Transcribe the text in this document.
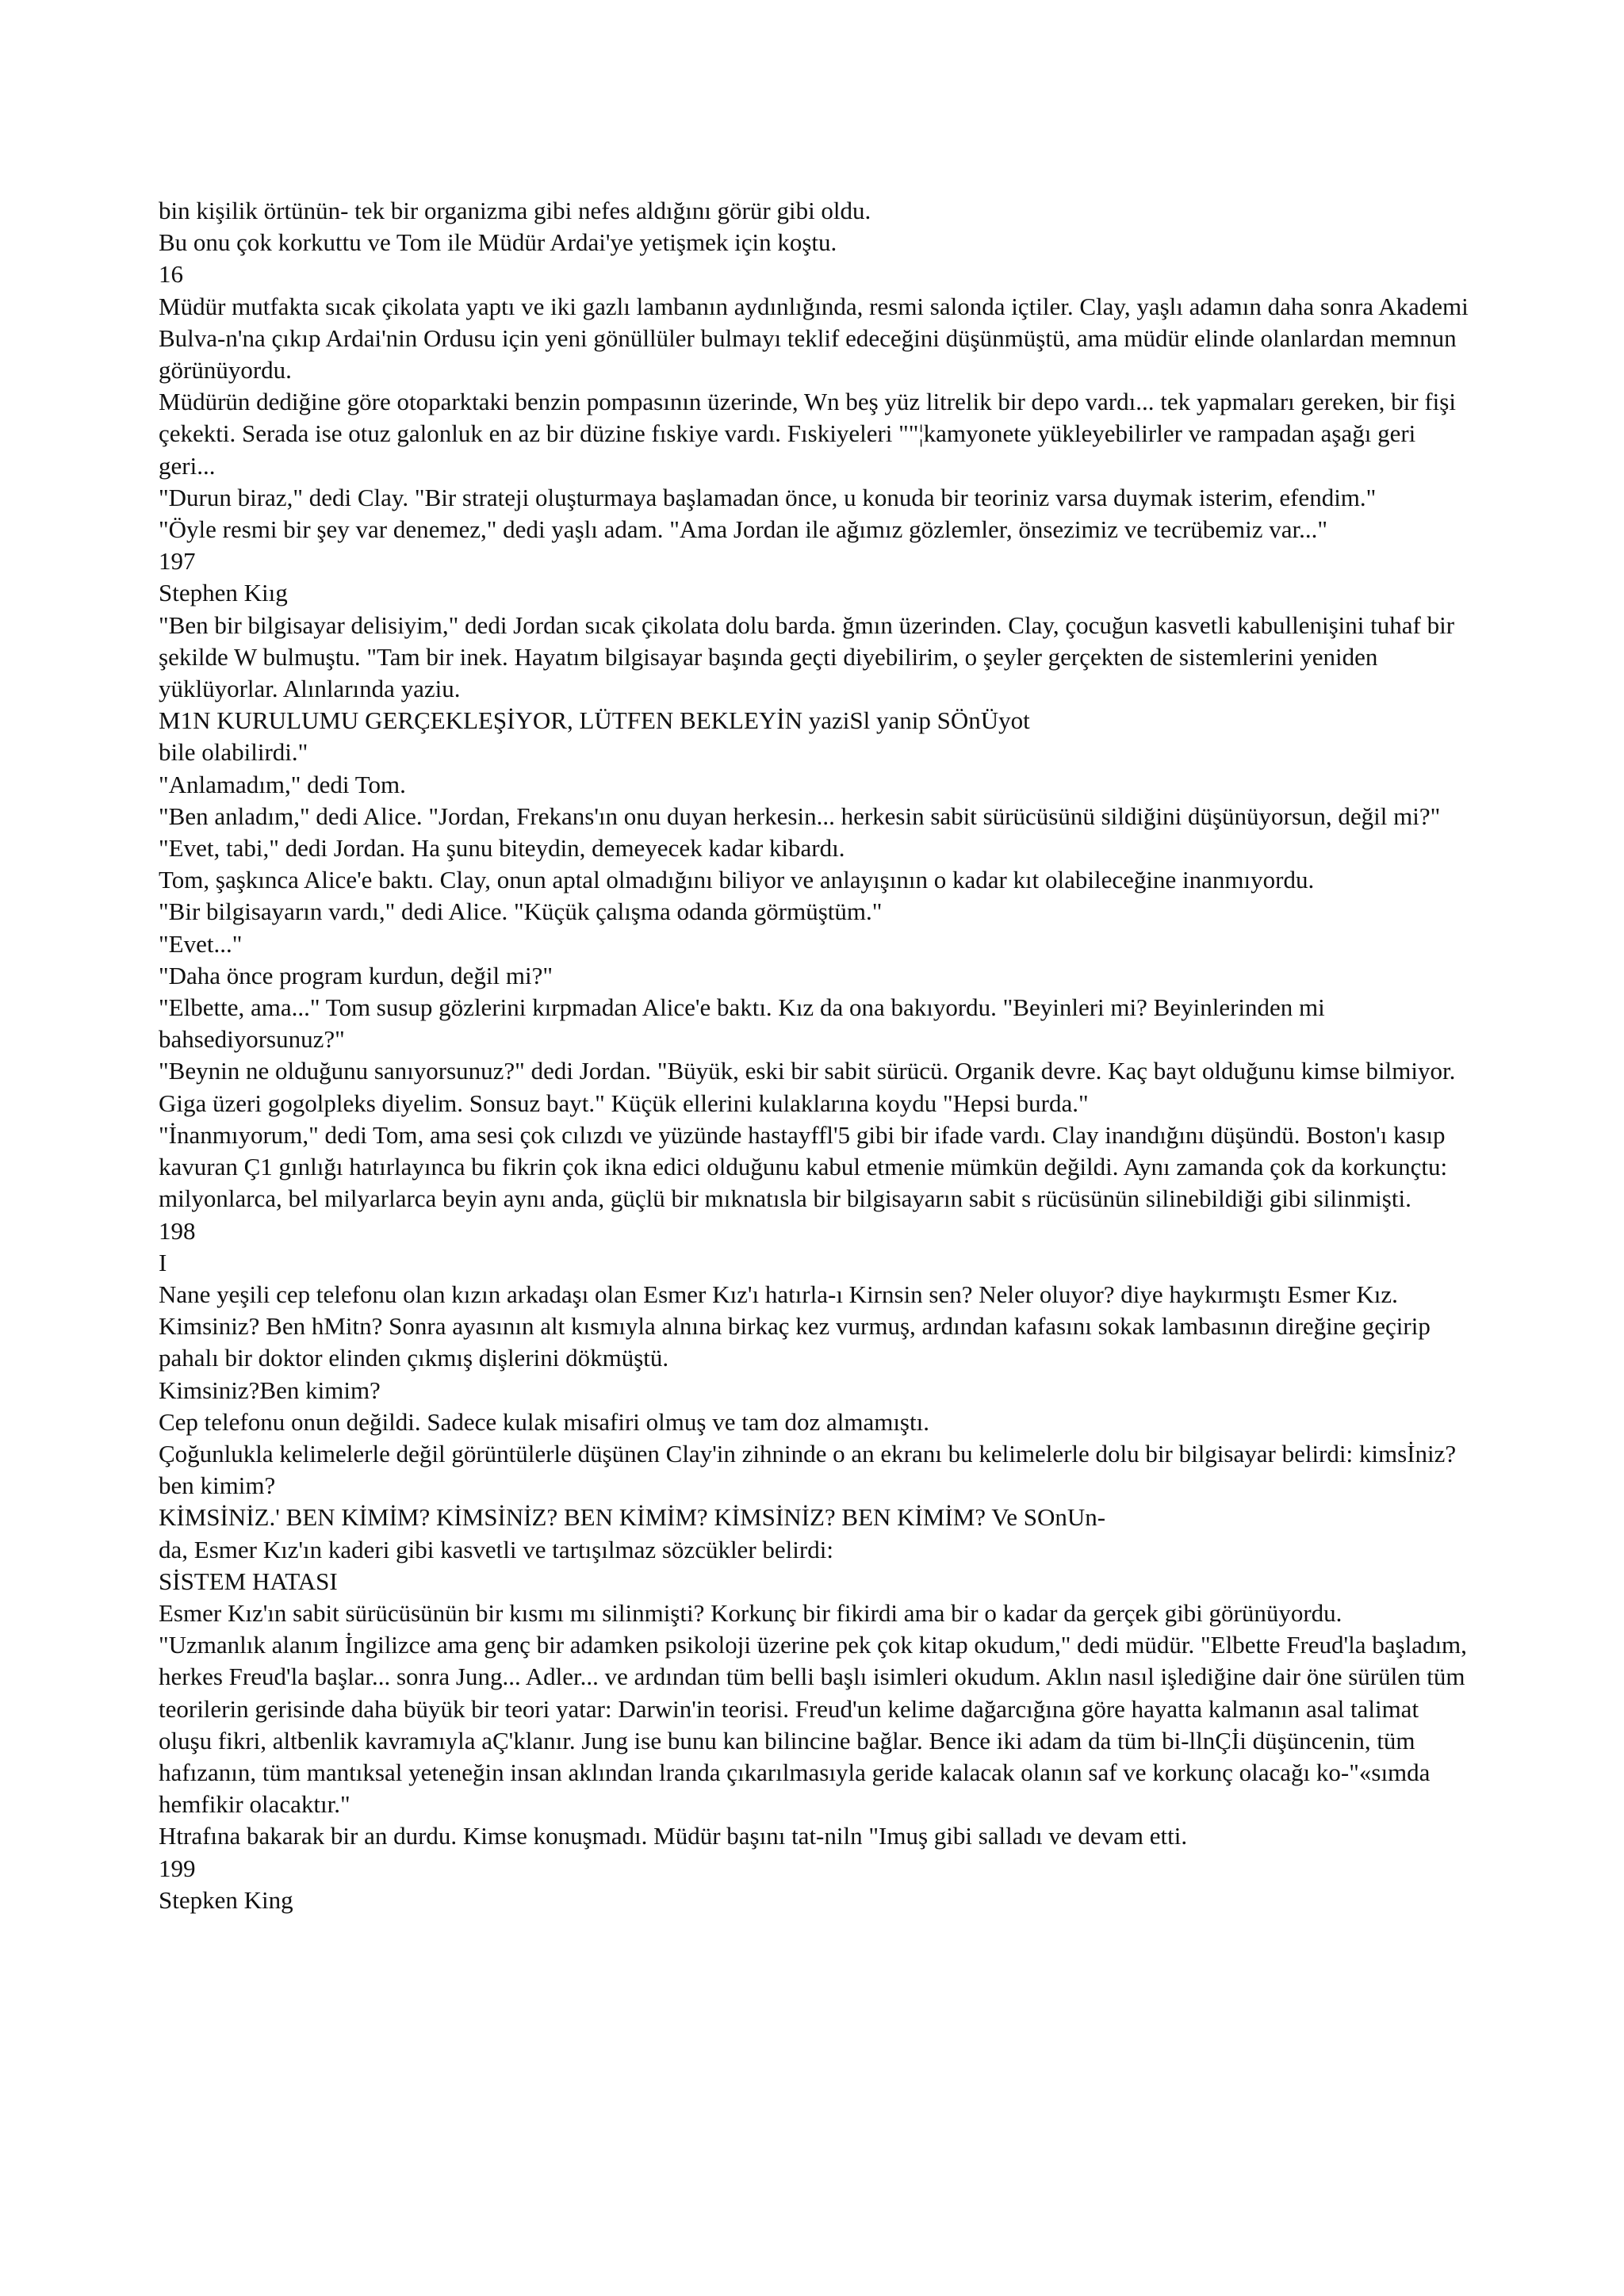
bin kişilik örtünün- tek bir organizma gibi nefes aldığını görür gibi oldu.

Bu onu çok korkuttu ve Tom ile Müdür Ardai'ye yetişmek için koştu.

16

Müdür mutfakta sıcak çikolata yaptı ve iki gazlı lambanın aydınlığında, resmi salonda içtiler. Clay, yaşlı adamın daha sonra Akademi Bulva-n'na çıkıp Ardai'nin Ordusu için yeni gönüllüler bulmayı teklif edeceğini düşünmüştü, ama müdür elinde olanlardan memnun görünüyordu.

Müdürün dediğine göre otoparktaki benzin pompasının üzerinde, Wn beş yüz litrelik bir depo vardı... tek yapmaları gereken, bir fişi çekekti. Serada ise otuz galonluk en az bir düzine fıskiye vardı. Fıskiyeleri ""¦kamyonete yükleyebilirler ve rampadan aşağı geri geri...

"Durun biraz," dedi Clay. "Bir strateji oluşturmaya başlamadan önce, u konuda bir teoriniz varsa duymak isterim, efendim."

"Öyle resmi bir şey var denemez," dedi yaşlı adam. "Ama Jordan ile ağımız gözlemler, önsezimiz ve tecrübemiz var..."

197

Stephen Kiıg

"Ben bir bilgisayar delisiyim," dedi Jordan sıcak çikolata dolu barda. ğmın üzerinden. Clay, çocuğun kasvetli kabullenişini tuhaf bir şekilde W bulmuştu. "Tam bir inek. Hayatım bilgisayar başında geçti diyebilirim, o şeyler gerçekten de sistemlerini yeniden yüklüyorlar. Alınlarında yaziu.

M1N KURULUMU GERÇEKLEŞİYOR, LÜTFEN BEKLEYİN yaziSl yanip SÖnÜyot

bile olabilirdi."

"Anlamadım," dedi Tom.

"Ben anladım," dedi Alice. "Jordan, Frekans'ın onu duyan herkesin... herkesin sabit sürücüsünü sildiğini düşünüyorsun, değil mi?"

"Evet, tabi," dedi Jordan. Ha şunu biteydin, demeyecek kadar kibardı.

Tom, şaşkınca Alice'e baktı. Clay, onun aptal olmadığını biliyor ve anlayışının o kadar kıt olabileceğine inanmıyordu.

"Bir bilgisayarın vardı," dedi Alice. "Küçük çalışma odanda görmüştüm."

"Evet..."

"Daha önce program kurdun, değil mi?"

"Elbette, ama..." Tom susup gözlerini kırpmadan Alice'e baktı. Kız da ona bakıyordu. "Beyinleri mi? Beyinlerinden mi bahsediyorsunuz?"

"Beynin ne olduğunu sanıyorsunuz?" dedi Jordan. "Büyük, eski bir sabit sürücü. Organik devre. Kaç bayt olduğunu kimse bilmiyor. Giga üzeri gogolpleks diyelim. Sonsuz bayt." Küçük ellerini kulaklarına koydu "Hepsi burda."

"İnanmıyorum," dedi Tom, ama sesi çok cılızdı ve yüzünde hastayffl'5 gibi bir ifade vardı. Clay inandığını düşündü. Boston'ı kasıp kavuran Ç1 gınlığı hatırlayınca bu fikrin çok ikna edici olduğunu kabul etmenie mümkün değildi. Aynı zamanda çok da korkunçtu: milyonlarca, bel milyarlarca beyin aynı anda, güçlü bir mıknatısla bir bilgisayarın sabit s rücüsünün silinebildiği gibi silinmişti.

198

I

Nane yeşili cep telefonu olan kızın arkadaşı olan Esmer Kız'ı hatırla-ı Kirnsin sen? Neler oluyor? diye haykırmıştı Esmer Kız. Kimsiniz? Ben hMitn? Sonra ayasının alt kısmıyla alnına birkaç kez vurmuş, ardından kafasını sokak lambasının direğine geçirip pahalı bir doktor elinden çıkmış dişlerini dökmüştü.

Kimsiniz?Ben kimim?

Cep telefonu onun değildi. Sadece kulak misafiri olmuş ve tam doz almamıştı.

Çoğunlukla kelimelerle değil görüntülerle düşünen Clay'in zihninde o an ekranı bu kelimelerle dolu bir bilgisayar belirdi: kimsİniz? ben kimim?

KİMSİNİZ.' BEN KİMİM? KİMSİNİZ? BEN KİMİM? KİMSİNİZ? BEN KİMİM? Ve SOnUn-

da, Esmer Kız'ın kaderi gibi kasvetli ve tartışılmaz sözcükler belirdi:

SİSTEM HATASI

Esmer Kız'ın sabit sürücüsünün bir kısmı mı silinmişti? Korkunç bir fikirdi ama bir o kadar da gerçek gibi görünüyordu.

"Uzmanlık alanım İngilizce ama genç bir adamken psikoloji üzerine pek çok kitap okudum," dedi müdür. "Elbette Freud'la başladım, herkes Freud'la başlar... sonra Jung... Adler... ve ardından tüm belli başlı isimleri okudum. Aklın nasıl işlediğine dair öne sürülen tüm teorilerin gerisinde daha büyük bir teori yatar: Darwin'in teorisi. Freud'un kelime dağarcığına göre hayatta kalmanın asal talimat oluşu fikri, altbenlik kavramıyla aÇ'klanır. Jung ise bunu kan bilincine bağlar. Bence iki adam da tüm bi-llnÇİi düşüncenin, tüm hafızanın, tüm mantıksal yeteneğin insan aklından lranda çıkarılmasıyla geride kalacak olanın saf ve korkunç olacağı ko-"«sımda hemfikir olacaktır."

Htrafına bakarak bir an durdu. Kimse konuşmadı. Müdür başını tat-niln "Imuş gibi salladı ve devam etti.

199

Stepken King
